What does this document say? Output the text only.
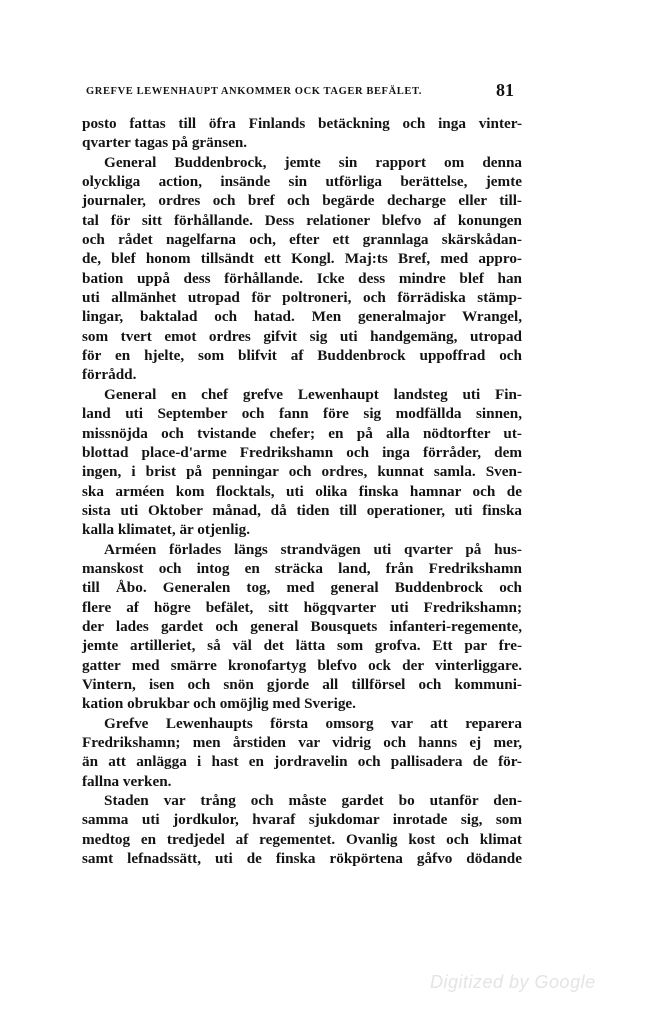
GREFVE LEWENHAUPT ANKOMMER OCK TAGER BEFÄLET.	81
posto fattas till öfra Finlands betäckning och inga vinter-
qvarter tagas på gränsen.
General Buddenbrock, jemte sin rapport om denna
olyckliga action, insände sin utförliga berättelse, jemte
journaler, ordres och bref och begärde decharge eller till-
tal för sitt förhållande. Dess relationer blefvo af konungen
och rådet nagelfarna och, efter ett grannlaga skärskådan-
de, blef honom tillsändt ett Kongl. Maj:ts Bref, med appro-
bation uppå dess förhållande. Icke dess mindre blef han
uti allmänhet utropad för poltroneri, och förrädiska stämp-
lingar, baktalad och hatad. Men generalmajor Wrangel,
som tvert emot ordres gifvit sig uti handgemäng, utropad
för en hjelte, som blifvit af Buddenbrock uppoffrad och
förrådd.
General en chef grefve Lewenhaupt landsteg uti Fin-
land uti September och fann före sig modfällda sinnen,
missnöjda och tvistande chefer; en på alla nödtorfter ut-
blottad place-d'arme Fredrikshamn och inga förråder, dem
ingen, i brist på penningar och ordres, kunnat samla. Sven-
ska arméen kom flocktals, uti olika finska hamnar och de
sista uti Oktober månad, då tiden till operationer, uti finska
kalla klimatet, är otjenlig.
Arméen förlades längs strandvägen uti qvarter på hus-
manskost och intog en sträcka land, från Fredrikshamn
till Åbo. Generalen tog, med general Buddenbrock och
flere af högre befälet, sitt högqvarter uti Fredrikshamn;
der lades gardet och general Bousquets infanteri-regemente,
jemte artilleriet, så väl det lätta som grofva. Ett par fre-
gatter med smärre kronofartyg blefvo ock der vinterliggare.
Vintern, isen och snön gjorde all tillförsel och kommuni-
kation obrukbar och omöjlig med Sverige.
Grefve Lewenhaupts första omsorg var att reparera
Fredrikshamn; men årstiden var vidrig och hanns ej mer,
än att anlägga i hast en jordravelin och pallisadera de för-
fallna verken.
Staden var trång och måste gardet bo utanför den-
samma uti jordkulor, hvaraf sjukdomar inrotade sig, som
medtog en tredjedel af regementet. Ovanlig kost och klimat
samt lefnadssätt, uti de finska rökpörtena gåfvo dödande
Digitized by Google
